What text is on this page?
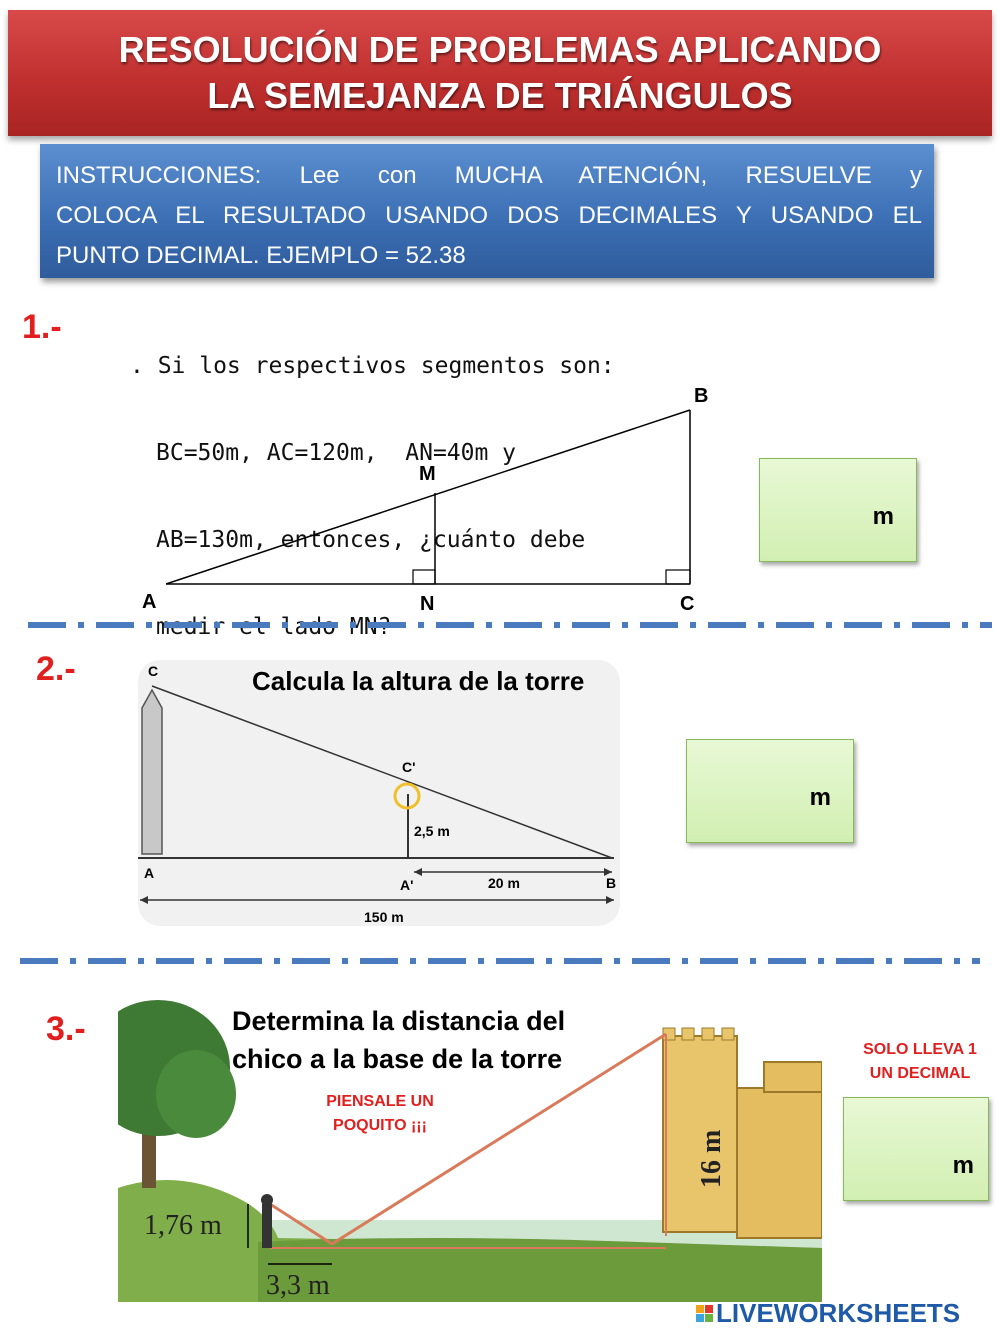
RESOLUCIÓN DE PROBLEMAS APLICANDO
LA SEMEJANZA DE TRIÁNGULOS
INSTRUCCIONES: Lee con MUCHA ATENCIÓN, RESUELVE y
COLOCA EL RESULTADO USANDO DOS DECIMALES Y USANDO EL
PUNTO DECIMAL. EJEMPLO = 52.38
1.-

. Si los respectivos segmentos son:

BC=50m, AC=120m,  AN=40m y

AB=130m, entonces, ¿cuánto debe

medir el lado MN?

A	N	C
M
B
m
2.-	Calcula la altura de la torre
C
C'
2,5 m
A
A'	20 m	B
150 m
m
3.-
1,76 m
3,3 m
16 m
Determina la distancia del
chico a la base de la torre
PIENSALE UN
POQUITO ¡¡¡
SOLO LLEVA 1
UN DECIMAL
m
LIVEWORKSHEETS
